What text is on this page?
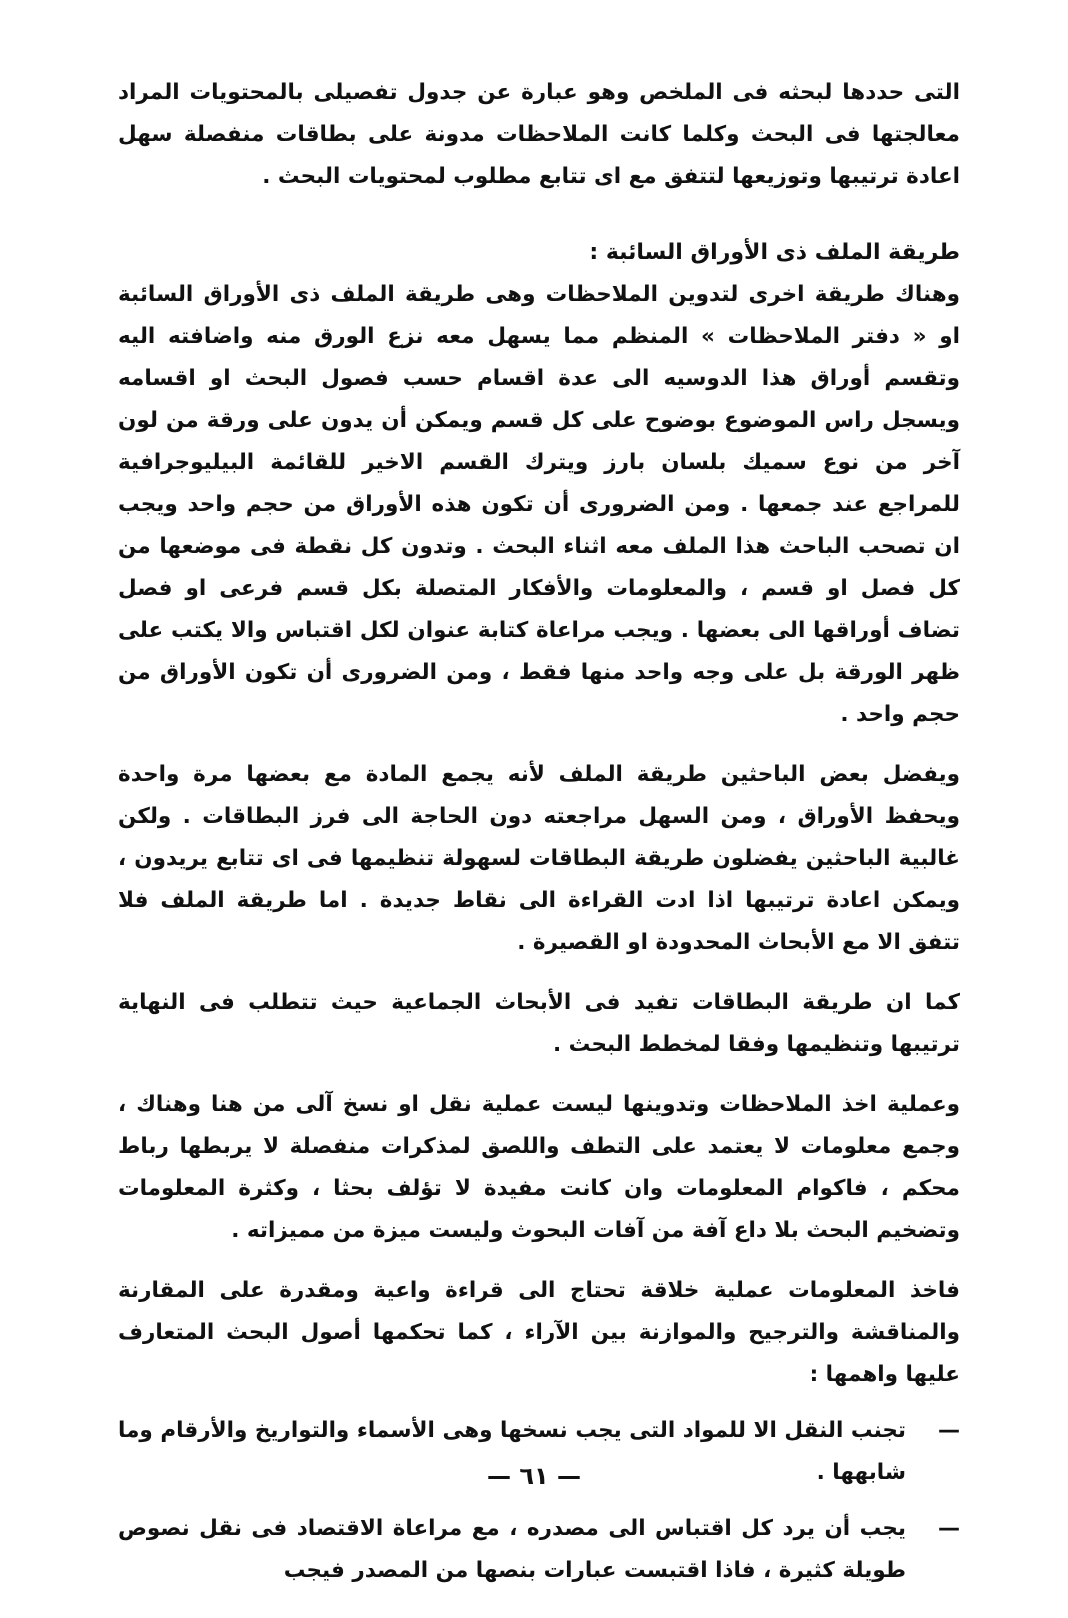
التى حددها لبحثه فى الملخص وهو عبارة عن جدول تفصيلى بالمحتويات المراد معالجتها فى البحث وكلما كانت الملاحظات مدونة على بطاقات منفصلة سهل اعادة ترتيبها وتوزيعها لتتفق مع اى تتابع مطلوب لمحتويات البحث .

طريقة الملف ذى الأوراق السائبة :

وهناك طريقة اخرى لتدوين الملاحظات وهى طريقة الملف ذى الأوراق السائبة او « دفتر الملاحظات » المنظم مما يسهل معه نزع الورق منه واضافته اليه وتقسم أوراق هذا الدوسيه الى عدة اقسام حسب فصول البحث او اقسامه ويسجل راس الموضوع بوضوح على كل قسم ويمكن أن يدون على ورقة من لون آخر من نوع سميك بلسان بارز ويترك القسم الاخير للقائمة البيليوجرافية للمراجع عند جمعها . ومن الضرورى أن تكون هذه الأوراق من حجم واحد ويجب ان تصحب الباحث هذا الملف معه اثناء البحث . وتدون كل نقطة فى موضعها من كل فصل او قسم ، والمعلومات والأفكار المتصلة بكل قسم فرعى او فصل تضاف أوراقها الى بعضها . ويجب مراعاة كتابة عنوان لكل اقتباس والا يكتب على ظهر الورقة بل على وجه واحد منها فقط ، ومن الضرورى أن تكون الأوراق من حجم واحد .

ويفضل بعض الباحثين طريقة الملف لأنه يجمع المادة مع بعضها مرة واحدة ويحفظ الأوراق ، ومن السهل مراجعته دون الحاجة الى فرز البطاقات . ولكن غالبية الباحثين يفضلون طريقة البطاقات لسهولة تنظيمها فى اى تتابع يريدون ، ويمكن اعادة ترتيبها اذا ادت القراءة الى نقاط جديدة . اما طريقة الملف فلا تتفق الا مع الأبحاث المحدودة او القصيرة .

كما ان طريقة البطاقات تفيد فى الأبحاث الجماعية حيث تتطلب فى النهاية ترتيبها وتنظيمها وفقا لمخطط البحث .

وعملية اخذ الملاحظات وتدوينها ليست عملية نقل او نسخ آلى من هنا وهناك ، وجمع معلومات لا يعتمد على التطف واللصق لمذكرات منفصلة لا يربطها رباط محكم ، فاكوام المعلومات وان كانت مفيدة لا تؤلف بحثا ، وكثرة المعلومات وتضخيم البحث بلا داع آفة من آفات البحوث وليست ميزة من مميزاته .

فاخذ المعلومات عملية خلاقة تحتاج الى قراءة واعية ومقدرة على المقارنة والمناقشة والترجيح والموازنة بين الآراء ، كما تحكمها أصول البحث المتعارف عليها واهمها :

—
تجنب النقل الا للمواد التى يجب نسخها وهى الأسماء والتواريخ والأرقام وما شابهها .
—
يجب أن يرد كل اقتباس الى مصدره ، مع مراعاة الاقتصاد فى نقل نصوص طويلة كثيرة ، فاذا اقتبست عبارات بنصها من المصدر فيجب
— ٦١ —
